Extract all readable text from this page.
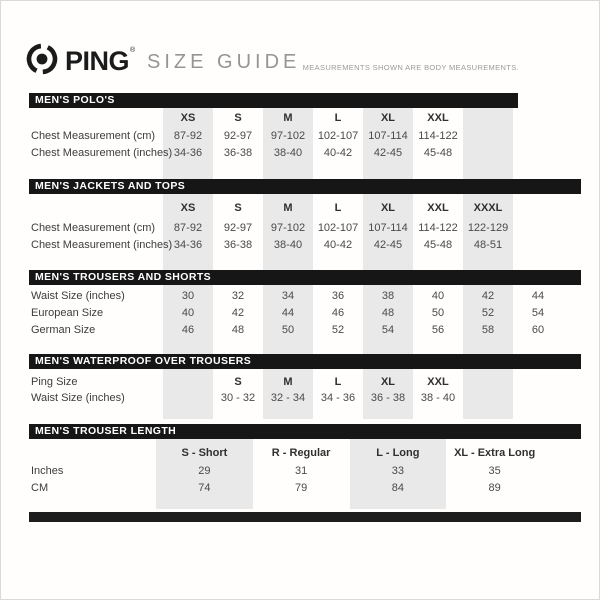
PING ®
SIZE GUIDE MEASUREMENTS SHOWN ARE BODY MEASUREMENTS.
MEN'S POLO'S
XS	S	M	L	XL	XXL
Chest Measurement (cm)	87-92	92-97	97-102	102-107 107-114 114-122
Chest Measurement (inches) 34-36	36-38	38-40	40-42	42-45	45-48
MEN'S JACKETS AND TOPS
XS	S	M	L	XL	XXL	XXXL
Chest Measurement (cm)	87-92	92-97	97-102	102-107 107-114 114-122 122-129
Chest Measurement (inches) 34-36	36-38	38-40	40-42	42-45	45-48	48-51
MEN'S TROUSERS AND SHORTS
Waist Size (inches)	30	32	34	36	38	40	42	44
European Size	40	42	44	46	48	50	52	54
German Size	46	48	50	52	54	56	58	60
MEN'S WATERPROOF OVER TROUSERS
Ping Size	S	M	L	XL	XXL
Waist Size (inches)	30 - 32	32 - 34	34 - 36	36 - 38	38 - 40
MEN'S TROUSER LENGTH
S - Short	R - Regular	L - Long	XL - Extra Long
Inches	29	31	33	35
CM	74	79	84	89
